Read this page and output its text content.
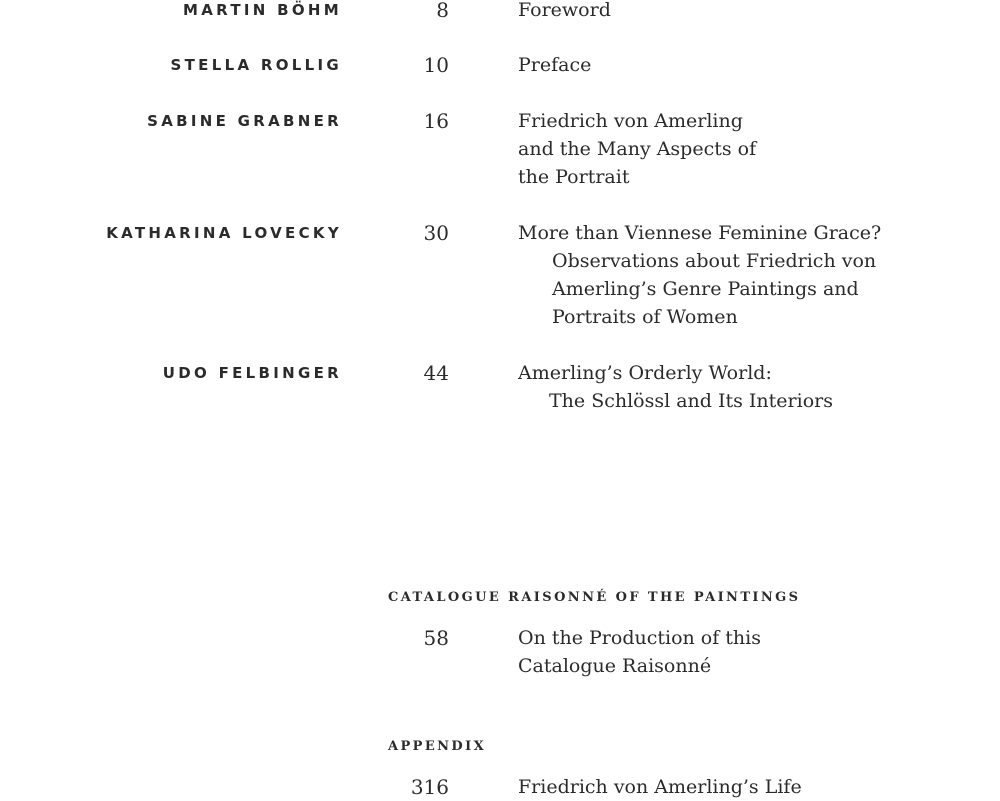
MARTIN BÖHM	8	Foreword
STELLA ROLLIG	10	Preface
SABINE GRABNER	16	Friedrich von Amerling
and the Many Aspects of
the Portrait
KATHARINA LOVECKY	30	More than Viennese Feminine Grace?
Observations about Friedrich von
Amerling’s Genre Paintings and
Portraits of Women
UDO FELBINGER	44	Amerling’s Orderly World:
The Schlössl and Its Interiors
CATALOGUE RAISONNÉ OF THE PAINTINGS
58	On the Production of this
Catalogue Raisonné
APPENDIX
316	Friedrich von Amerling’s Life
